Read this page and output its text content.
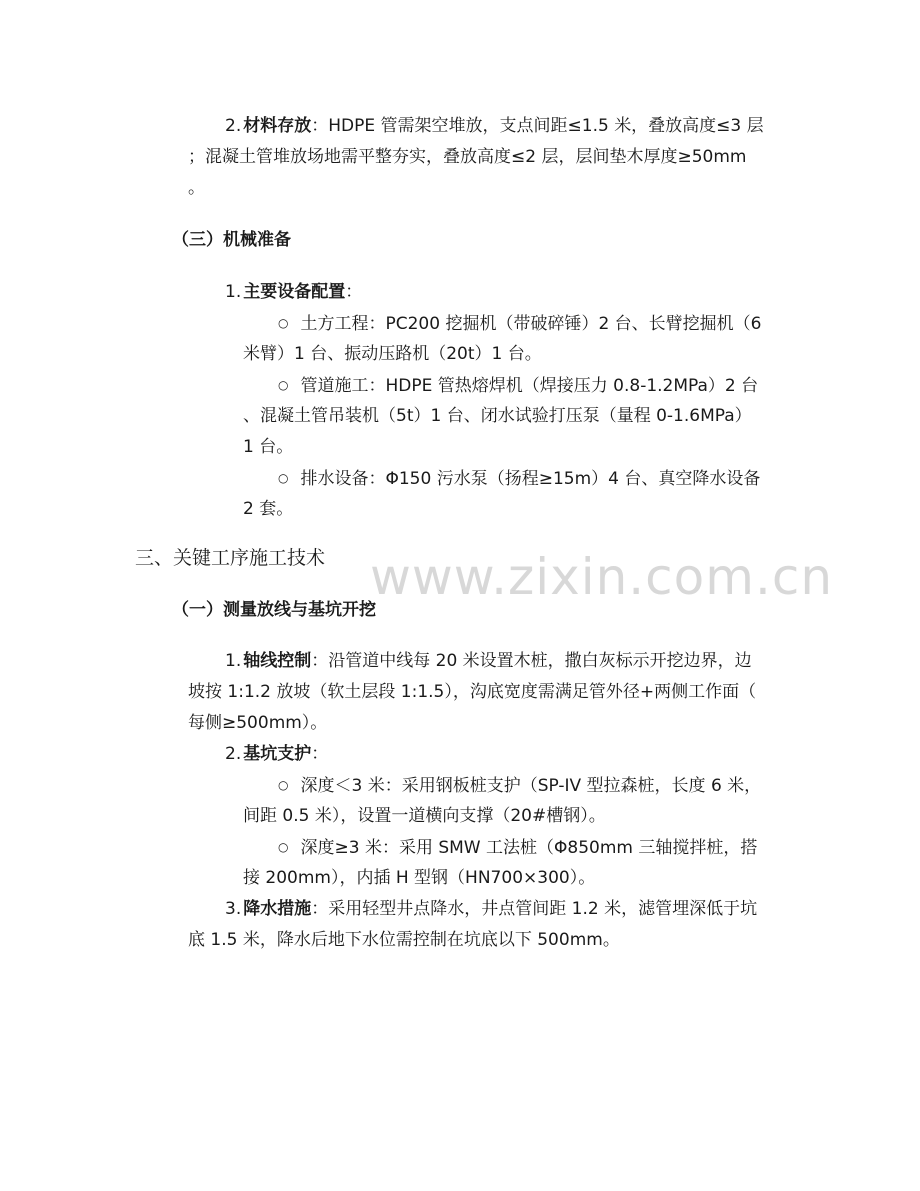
www.zixin.com.cn
2. 材料存放：HDPE 管需架空堆放，支点间距≤1.5 米，叠放高度≤3 层
；混凝土管堆放场地需平整夯实，叠放高度≤2 层，层间垫木厚度≥50mm
。
（三）机械准备
1. 主要设备配置：
○ 土方工程：PC200 挖掘机（带破碎锤）2 台、长臂挖掘机（6
米臂）1 台、振动压路机（20t）1 台。
○ 管道施工：HDPE 管热熔焊机（焊接压力 0.8-1.2MPa）2 台
、混凝土管吊装机（5t）1 台、闭水试验打压泵（量程 0-1.6MPa）
1 台。
○ 排水设备：Φ150 污水泵（扬程≥15m）4 台、真空降水设备
2 套。
三、关键工序施工技术
（一）测量放线与基坑开挖
1. 轴线控制：沿管道中线每 20 米设置木桩，撒白灰标示开挖边界，边
坡按 1:1.2 放坡（软土层段 1:1.5），沟底宽度需满足管外径+两侧工作面（
每侧≥500mm）。
2. 基坑支护：
○ 深度＜3 米：采用钢板桩支护（SP-IV 型拉森桩，长度 6 米，
间距 0.5 米），设置一道横向支撑（20#槽钢）。
○ 深度≥3 米：采用 SMW 工法桩（Φ850mm 三轴搅拌桩，搭
接 200mm），内插 H 型钢（HN700×300）。
3. 降水措施：采用轻型井点降水，井点管间距 1.2 米，滤管埋深低于坑
底 1.5 米，降水后地下水位需控制在坑底以下 500mm。
